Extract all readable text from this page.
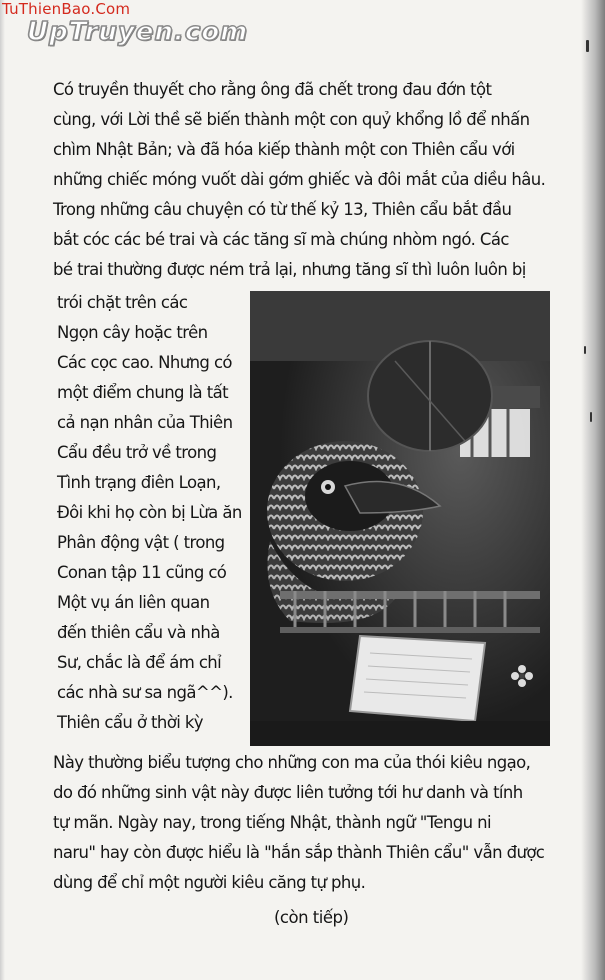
TuThienBao.Com
UpTruyen.com
Có truyền thuyết cho rằng ông đã chết trong đau đớn tột
cùng, với Lời thề sẽ biến thành một con quỷ khổng lồ để nhấn
chìm Nhật Bản; và đã hóa kiếp thành một con Thiên cẩu với
những chiếc móng vuốt dài gớm ghiếc và đôi mắt của diều hâu.
Trong những câu chuyện có từ thế kỷ 13, Thiên cẩu bắt đầu
bắt cóc các bé trai và các tăng sĩ mà chúng nhòm ngó. Các
bé trai thường được ném trả lại, nhưng tăng sĩ thì luôn luôn bị
trói chặt trên các
Ngọn cây hoặc trên
Các cọc cao. Nhưng có
một điểm chung là tất
cả nạn nhân của Thiên
Cẩu đều trở về trong
Tình trạng điên Loạn,
Đôi khi họ còn bị Lừa ăn
Phân động vật ( trong
Conan tập 11 cũng có
Một vụ án liên quan
đến thiên cẩu và nhà
Sư, chắc là để ám chỉ
các nhà sư sa ngã^^).
Thiên cẩu ở thời kỳ
Này thường biểu tượng cho những con ma của thói kiêu ngạo,
do đó những sinh vật này được liên tưởng tới hư danh và tính
tự mãn. Ngày nay, trong tiếng Nhật, thành ngữ "Tengu ni
naru" hay còn được hiểu là "hắn sắp thành Thiên cẩu" vẫn được
dùng để chỉ một người kiêu căng tự phụ.
(còn tiếp)
